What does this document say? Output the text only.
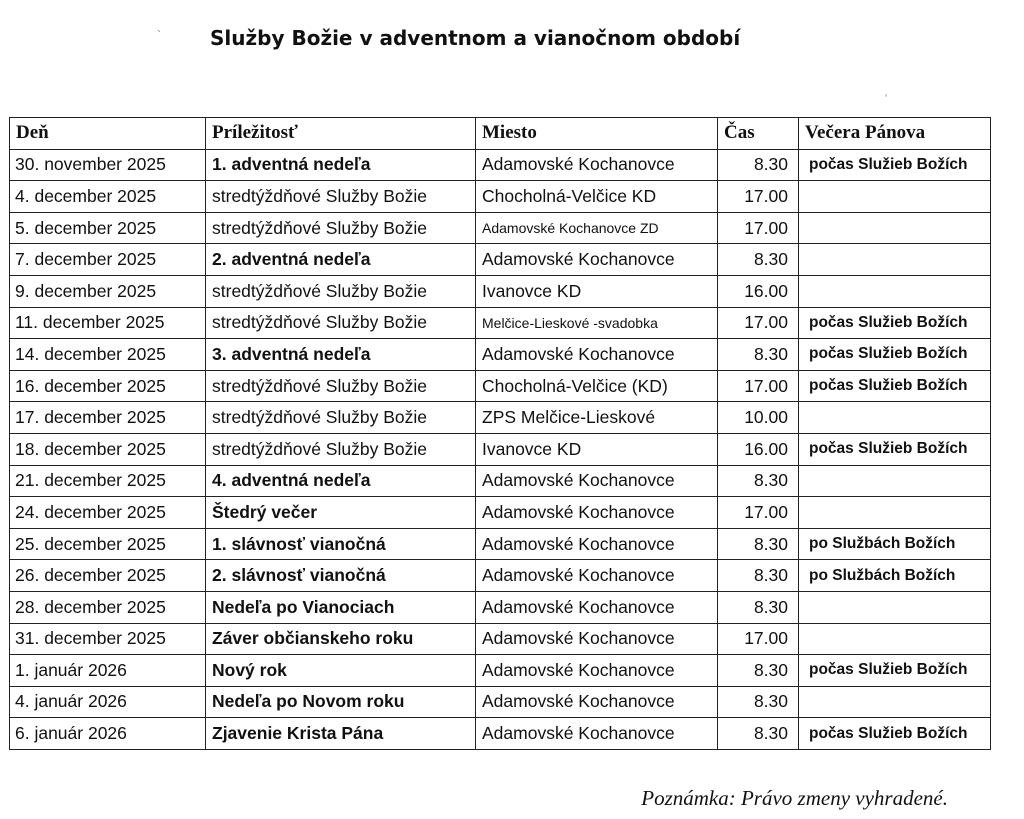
Služby Božie v adventnom a vianočnom období
`
‘
Deň	Príležitosť	Miesto	Čas	Večera Pánova
30. november 2025	1. adventná nedeľa	Adamovské Kochanovce	8.30	počas Služieb Božích
4. december 2025	stredtýždňové Služby Božie	Chocholná-Velčice KD	17.00	
5. december 2025	stredtýždňové Služby Božie	Adamovské Kochanovce ZD	17.00	
7. december 2025	2. adventná nedeľa	Adamovské Kochanovce	8.30	
9. december 2025	stredtýždňové Služby Božie	Ivanovce KD	16.00	
11. december 2025	stredtýždňové Služby Božie	Melčice-Lieskové -svadobka	17.00	počas Služieb Božích
14. december 2025	3. adventná nedeľa	Adamovské Kochanovce	8.30	počas Služieb Božích
16. december 2025	stredtýždňové Služby Božie	Chocholná-Velčice (KD)	17.00	počas Služieb Božích
17. december 2025	stredtýždňové Služby Božie	ZPS Melčice-Lieskové	10.00	
18. december 2025	stredtýždňové Služby Božie	Ivanovce KD	16.00	počas Služieb Božích
21. december 2025	4. adventná nedeľa	Adamovské Kochanovce	8.30	
24. december 2025	Štedrý večer	Adamovské Kochanovce	17.00	
25. december 2025	1. slávnosť vianočná	Adamovské Kochanovce	8.30	po Službách Božích
26. december 2025	2. slávnosť vianočná	Adamovské Kochanovce	8.30	po Službách Božích
28. december 2025	Nedeľa po Vianociach	Adamovské Kochanovce	8.30	
31. december 2025	Záver občianskeho roku	Adamovské Kochanovce	17.00	
1. január 2026	Nový rok	Adamovské Kochanovce	8.30	počas Služieb Božích
4. január 2026	Nedeľa po Novom roku	Adamovské Kochanovce	8.30	
6. január 2026	Zjavenie Krista Pána	Adamovské Kochanovce	8.30	počas Služieb Božích
Poznámka: Právo zmeny vyhradené.
